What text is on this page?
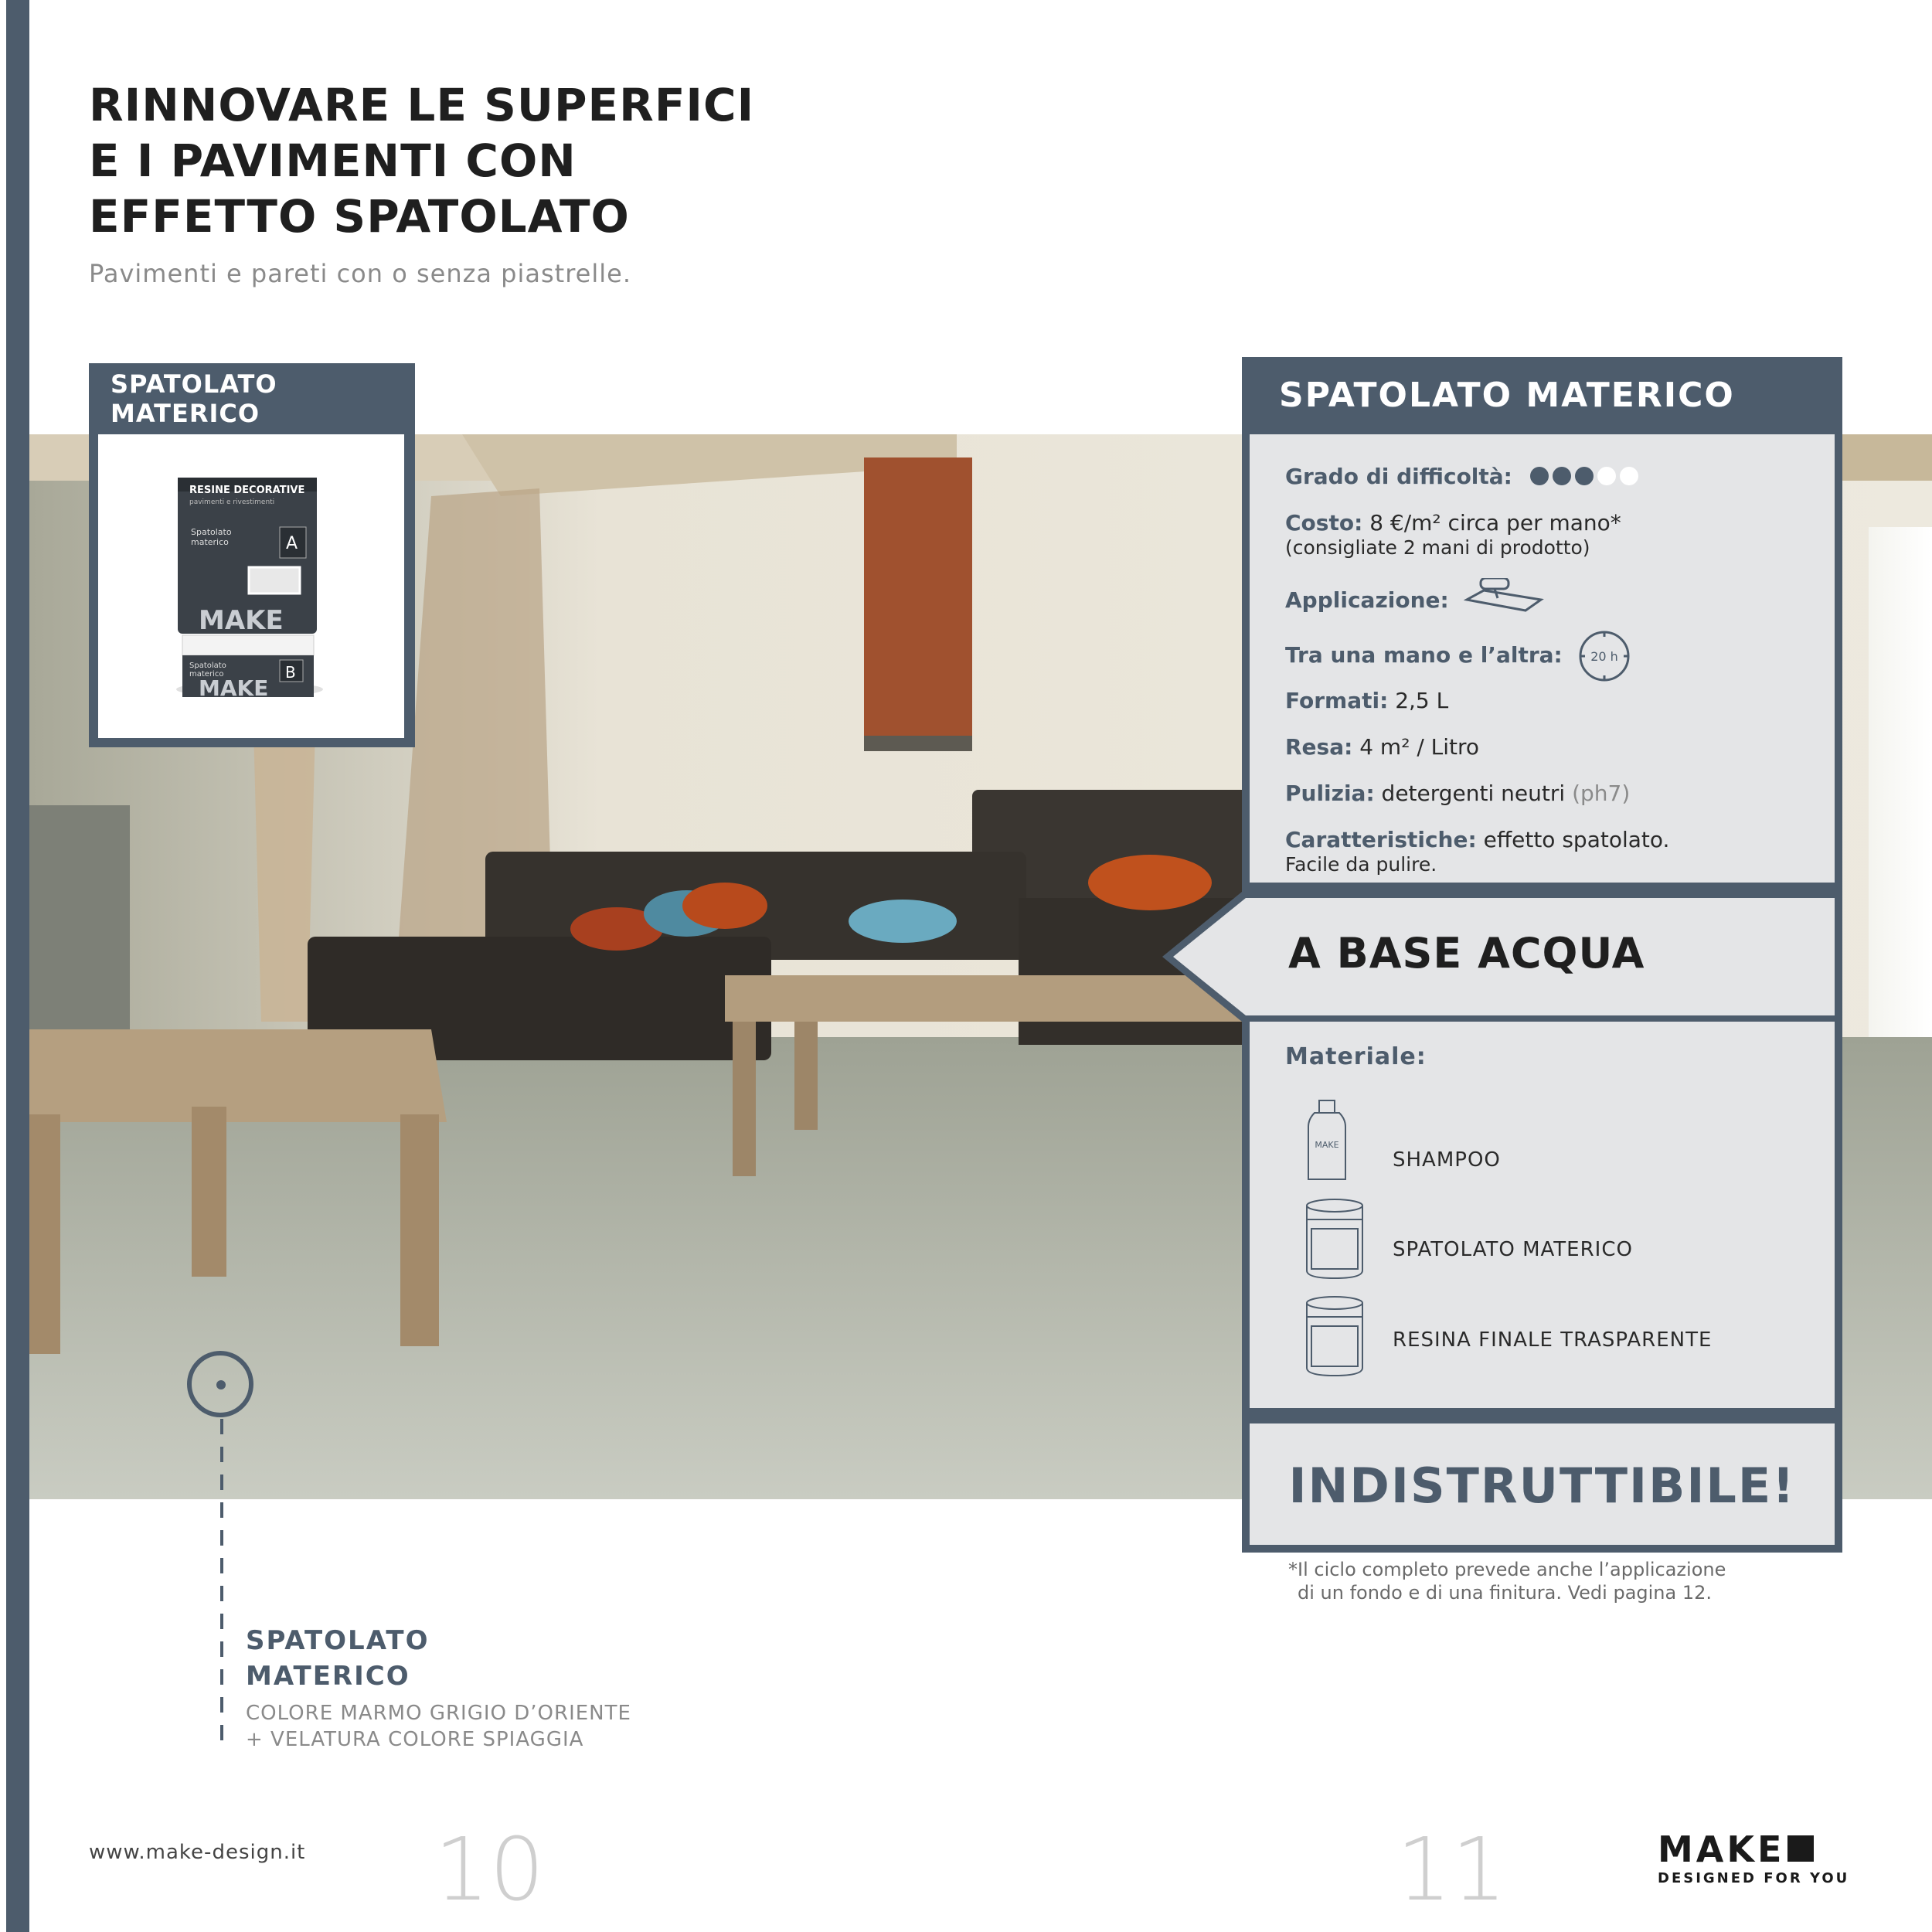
RINNOVARE LE SUPERFICI
E I PAVIMENTI CON
EFFETTO SPATOLATO
Pavimenti e pareti con o senza piastrelle.
SPATOLATO
MATERICO
RESINE DECORATIVE
pavimenti e rivestimenti
Spatolato
materico	A
MAKE
Spatolato
materico	B
MAKE
SPATOLATO
MATERICO
COLORE MARMO GRIGIO D’ORIENTE
+ VELATURA COLORE SPIAGGIA
SPATOLATO MATERICO
Grado di difficoltà:
Costo: 8 €/m² circa per mano*
(consigliate 2 mani di prodotto)
Applicazione:
Tra una mano e l’altra: 20 h
Formati: 2,5 L
Resa: 4 m² / Litro
Pulizia: detergenti neutri (ph7)
Caratteristiche: effetto spatolato.
Facile da pulire.
A BASE ACQUA
Materiale:
MAKE
SHAMPOO
SPATOLATO MATERICO
RESINA FINALE TRASPARENTE
INDISTRUTTIBILE!
*Il ciclo completo prevede anche l’applicazione
di un fondo e di una finitura. Vedi pagina 12.
www.make-design.it 10	11	MAKE
DESIGNED FOR YOU
